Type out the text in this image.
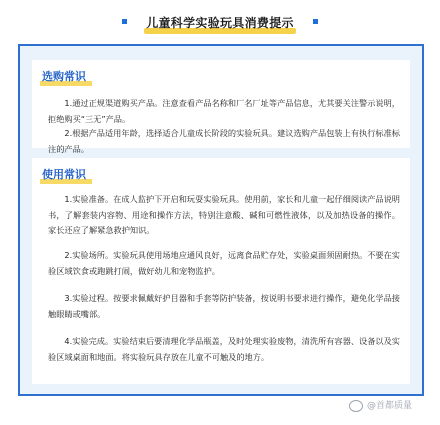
儿童科学实验玩具消费提示
选购常识
1.通过正规渠道购买产品。注意查看产品名称和厂名厂址等产品信息，尤其要关注警示说明，拒绝购买“三无”产品。
2.根据产品适用年龄，选择适合儿童成长阶段的实验玩具。建议选购产品包装上有执行标准标注的产品。
使用常识
1.实验准备。在成人监护下开启和玩耍实验玩具。使用前，家长和儿童一起仔细阅读产品说明书，了解套装内容物、用途和操作方法，特别注意酸、碱和可燃性液体，以及加热设备的操作。家长还应了解紧急救护知识。
2.实验场所。实验玩具使用场地应通风良好，远离食品贮存处，实验桌面须固耐热。不要在实验区域饮食或跑跳打闹，做好幼儿和宠物监护。
3.实验过程。按要求佩戴好护目器和手套等防护装备，按说明书要求进行操作，避免化学品接触眼睛或嘴部。
4.实验完成。实验结束后要清理化学品瓶盖，及时处理实验废物，清洗所有容器、设备以及实验区域桌面和地面。将实验玩具存放在儿童不可触及的地方。
@首都质量
